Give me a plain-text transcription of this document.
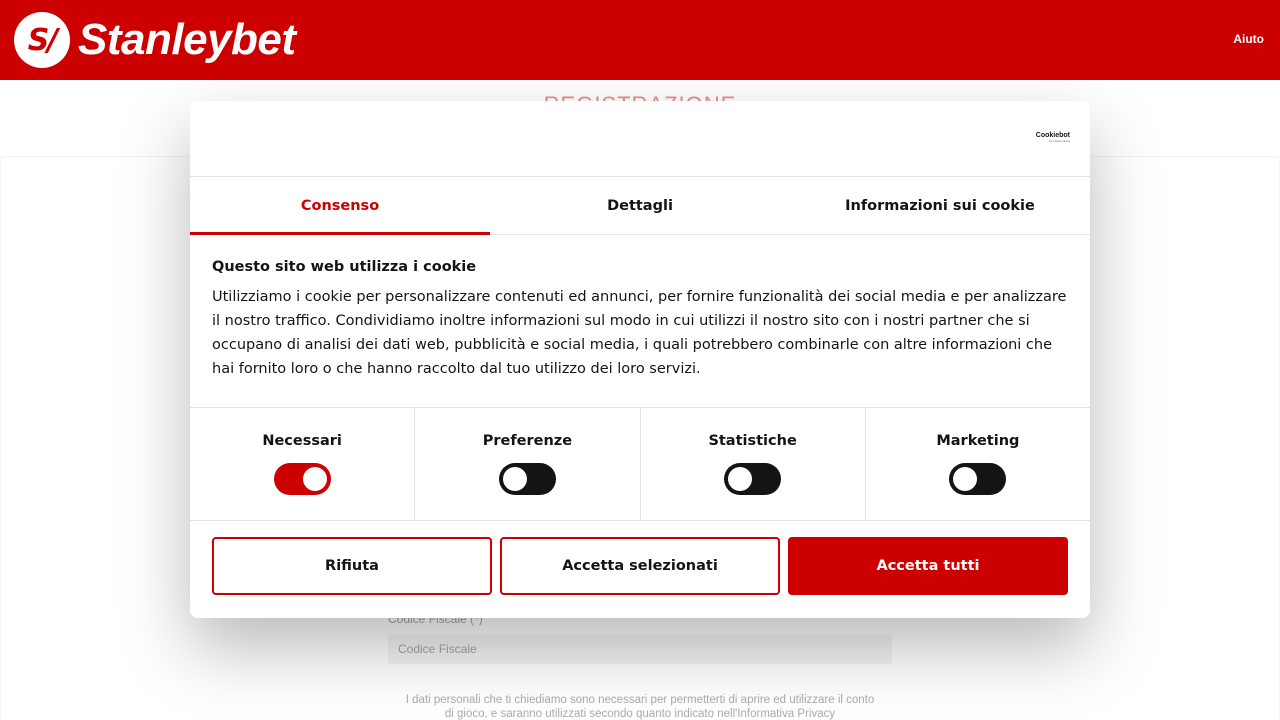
S/ Stanleybet	Aiuto
Cookiebot
by Usercentrics
Consenso	Dettagli	Informazioni sui cookie
Questo sito web utilizza i cookie
Utilizziamo i cookie per personalizzare contenuti ed annunci, per fornire funzionalità dei social media e per analizzare il nostro traffico. Condividiamo inoltre informazioni sul modo in cui utilizzi il nostro sito con i nostri partner che si occupano di analisi dei dati web, pubblicità e social media, i quali potrebbero combinarle con altre informazioni che hai fornito loro o che hanno raccolto dal tuo utilizzo dei loro servizi.
Necessari	Preferenze	Statistiche	Marketing
Rifiuta	Accetta selezionati	Accetta tutti
